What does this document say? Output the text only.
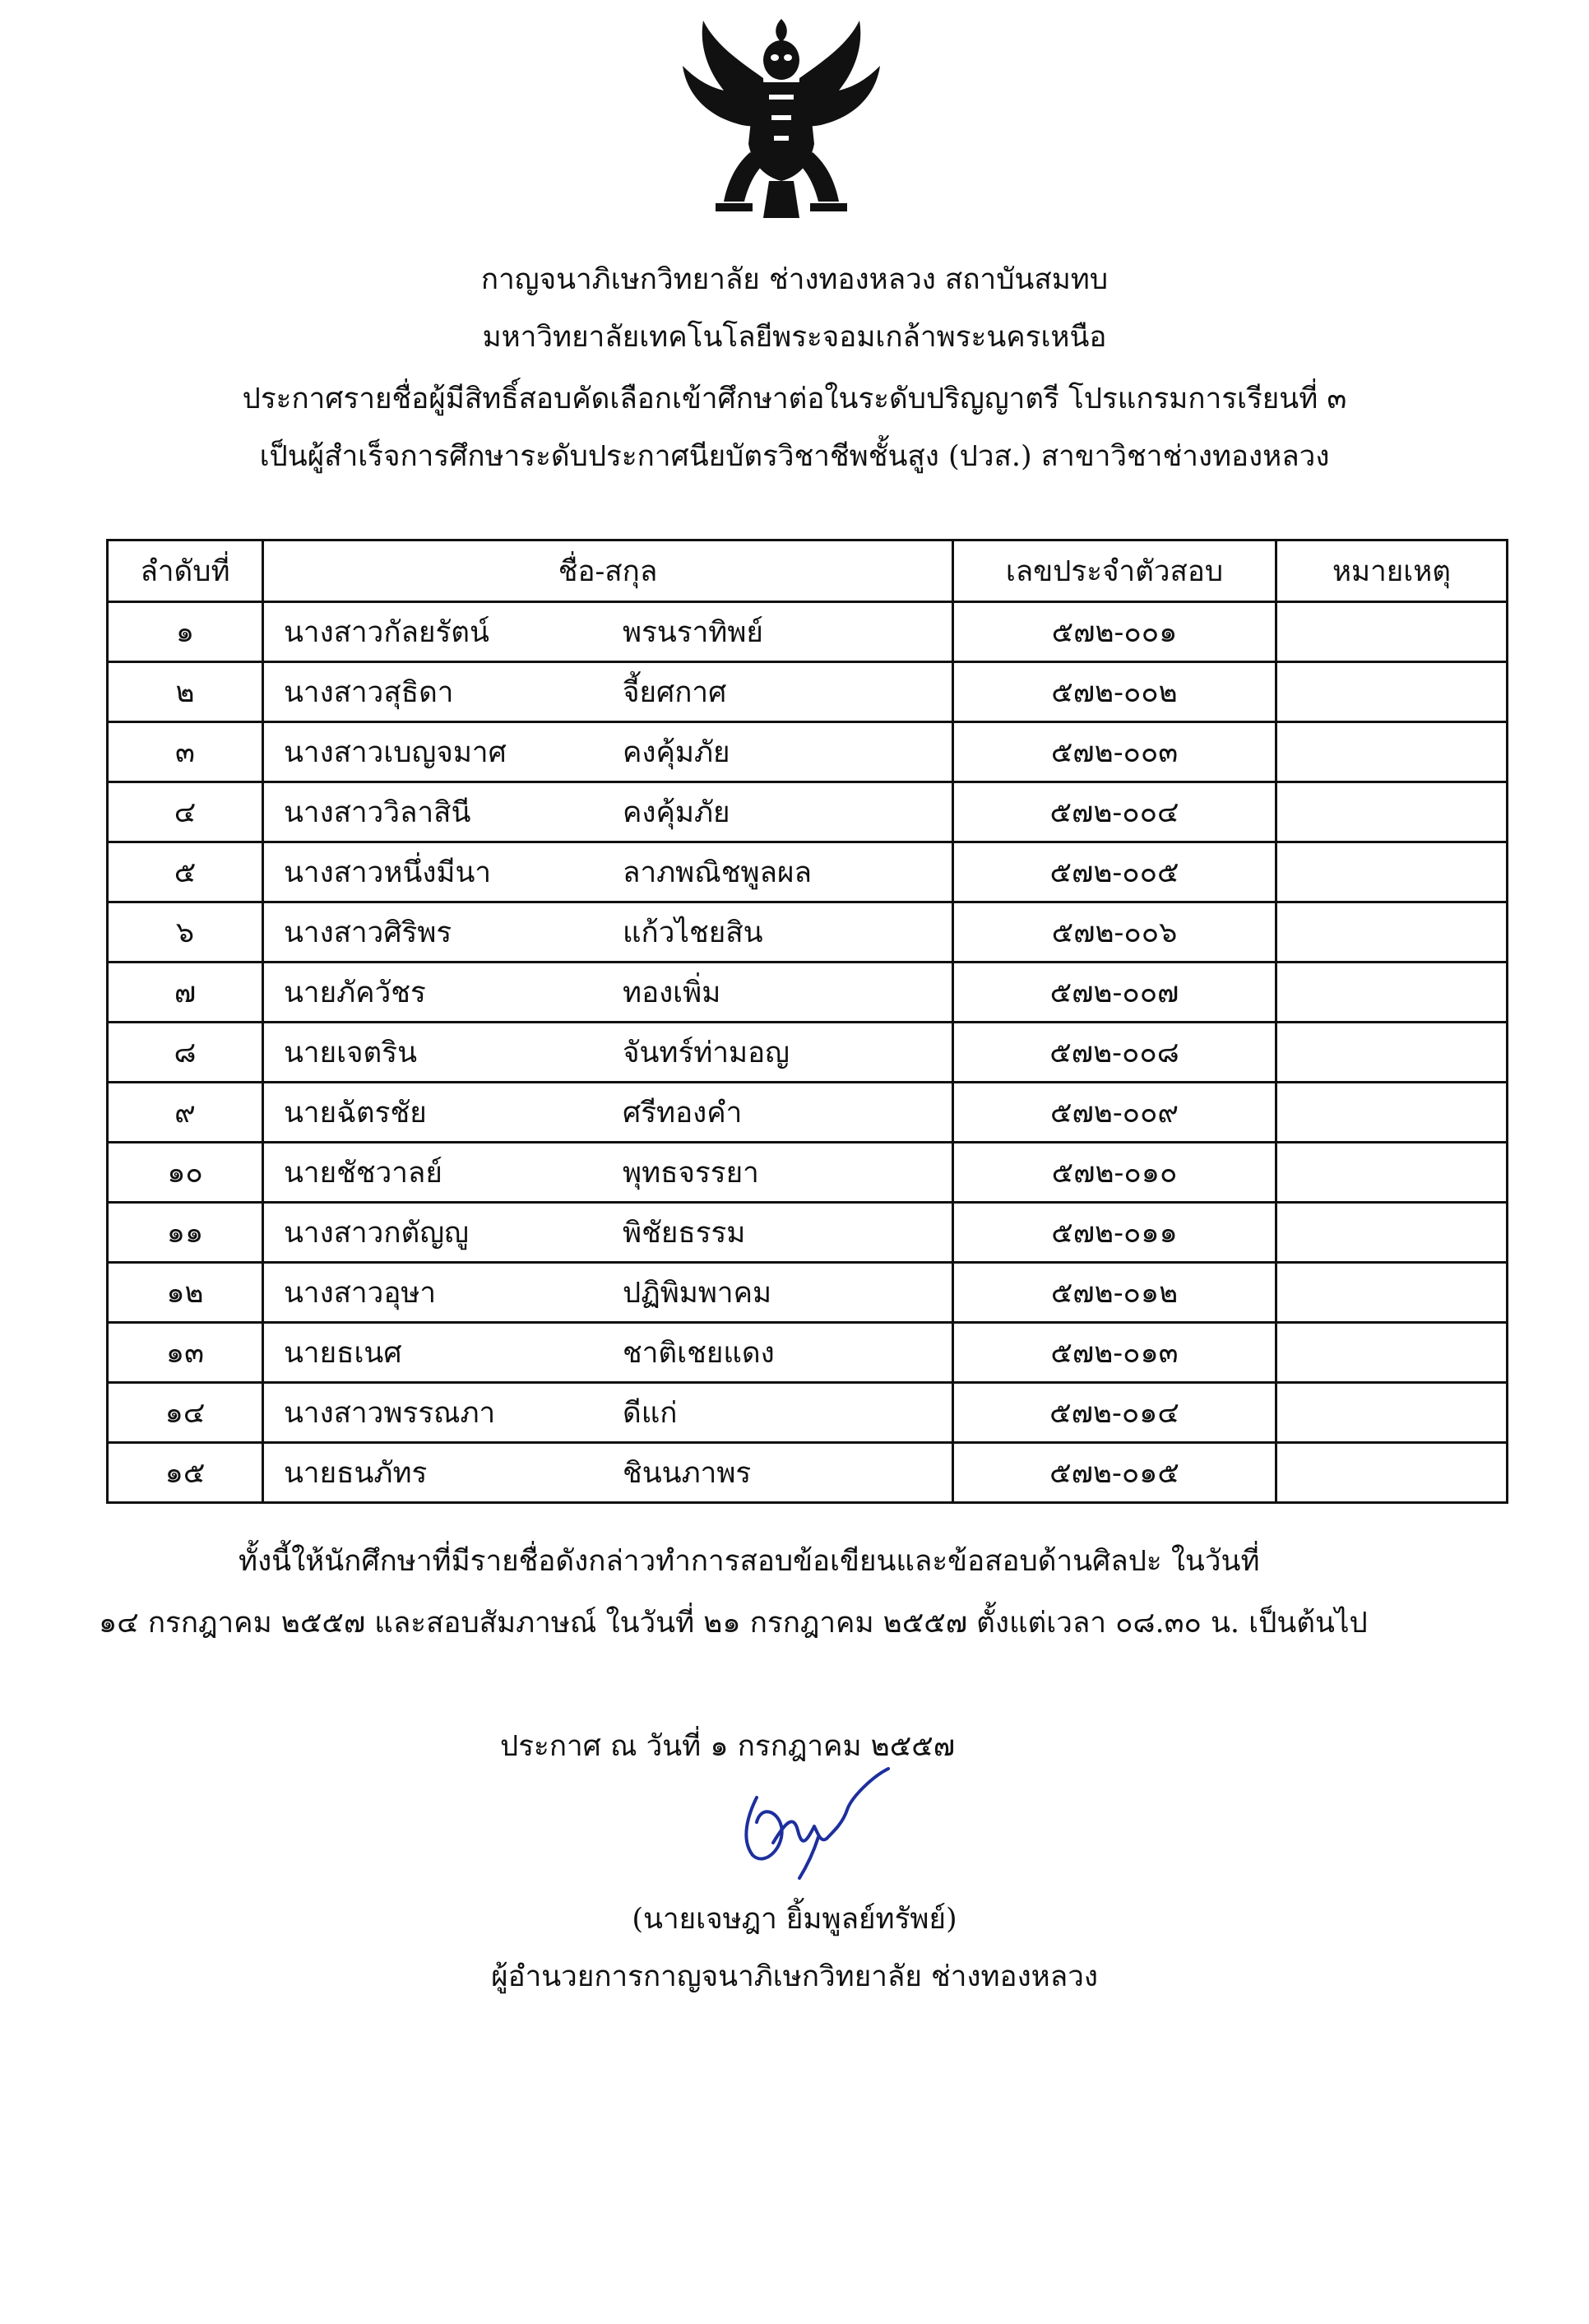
กาญจนาภิเษกวิทยาลัย ช่างทองหลวง สถาบันสมทบ
มหาวิทยาลัยเทคโนโลยีพระจอมเกล้าพระนครเหนือ
ประกาศรายชื่อผู้มีสิทธิ์สอบคัดเลือกเข้าศึกษาต่อในระดับปริญญาตรี โปรแกรมการเรียนที่ ๓
เป็นผู้สำเร็จการศึกษาระดับประกาศนียบัตรวิชาชีพชั้นสูง (ปวส.) สาขาวิชาช่างทองหลวง
ลำดับที่	ชื่อ-สกุล	เลขประจำตัวสอบ	หมายเหตุ
๑	นางสาวกัลยรัตน์ พรนราทิพย์	๕๗๒-๐๐๑	
๒	นางสาวสุธิดา จี้ยศกาศ	๕๗๒-๐๐๒	
๓	นางสาวเบญจมาศ คงคุ้มภัย	๕๗๒-๐๐๓	
๔	นางสาววิลาสินี คงคุ้มภัย	๕๗๒-๐๐๔	
๕	นางสาวหนึ่งมีนา ลาภพณิชพูลผล	๕๗๒-๐๐๕	
๖	นางสาวศิริพร แก้วไชยสิน	๕๗๒-๐๐๖	
๗	นายภัควัชร ทองเพิ่ม	๕๗๒-๐๐๗	
๘	นายเจตริน จันทร์ท่ามอญ	๕๗๒-๐๐๘	
๙	นายฉัตรชัย ศรีทองคำ	๕๗๒-๐๐๙	
๑๐	นายชัชวาลย์ พุทธจรรยา	๕๗๒-๐๑๐	
๑๑	นางสาวกตัญญู พิชัยธรรม	๕๗๒-๐๑๑	
๑๒	นางสาวอุษา ปฏิพิมพาคม	๕๗๒-๐๑๒	
๑๓	นายธเนศ ชาติเชยแดง	๕๗๒-๐๑๓	
๑๔	นางสาวพรรณภา ดีแก่	๕๗๒-๐๑๔	
๑๕	นายธนภัทร ชินนภาพร	๕๗๒-๐๑๕	
ทั้งนี้ให้นักศึกษาที่มีรายชื่อดังกล่าวทำการสอบข้อเขียนและข้อสอบด้านศิลปะ ในวันที่
๑๔ กรกฎาคม ๒๕๕๗ และสอบสัมภาษณ์ ในวันที่ ๒๑ กรกฎาคม ๒๕๕๗ ตั้งแต่เวลา ๐๘.๓๐ น. เป็นต้นไป
ประกาศ ณ วันที่ ๑ กรกฎาคม ๒๕๕๗
(นายเจษฎา ยิ้มพูลย์ทรัพย์)
ผู้อำนวยการกาญจนาภิเษกวิทยาลัย ช่างทองหลวง
